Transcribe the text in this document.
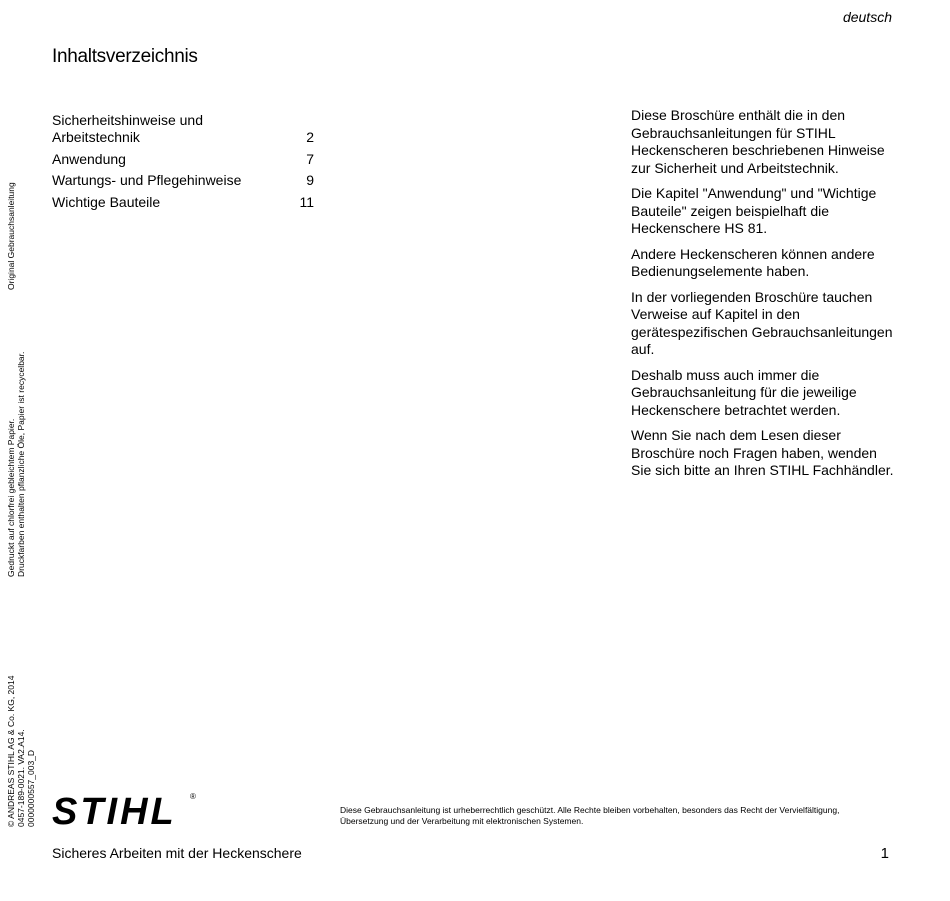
deutsch
Inhaltsverzeichnis
Sicherheitshinweise und Arbeitstechnik	2
Anwendung	7
Wartungs- und Pflegehinweise	9
Wichtige Bauteile	11

Diese Broschüre enthält die in den Gebrauchsanleitungen für STIHL Heckenscheren beschriebenen Hinweise zur Sicherheit und Arbeitstechnik.

Die Kapitel "Anwendung" und "Wichtige Bauteile" zeigen beispielhaft die Heckenschere HS 81.

Andere Heckenscheren können andere Bedienungselemente haben.

In der vorliegenden Broschüre tauchen Verweise auf Kapitel in den gerätespezifischen Gebrauchsanleitungen auf.

Deshalb muss auch immer die Gebrauchsanleitung für die jeweilige Heckenschere betrachtet werden.

Wenn Sie nach dem Lesen dieser Broschüre noch Fragen haben, wenden Sie sich bitte an Ihren STIHL Fachhändler.

Original Gebrauchsanleitung
Gedruckt auf chlorfrei gebleichtem Papier. Druckfarben enthalten pflanzliche Öle, Papier ist recycelbar.
© ANDREAS STIHL AG & Co. KG, 2014 0457-189-0021. VA2.A14. 0000000557_003_D STIHL ®
Diese Gebrauchsanleitung ist urheberrechtlich geschützt. Alle Rechte bleiben vorbehalten, besonders das Recht der Vervielfältigung, Übersetzung und der Verarbeitung mit elektronischen Systemen.
Sicheres Arbeiten mit der Heckenschere	1
